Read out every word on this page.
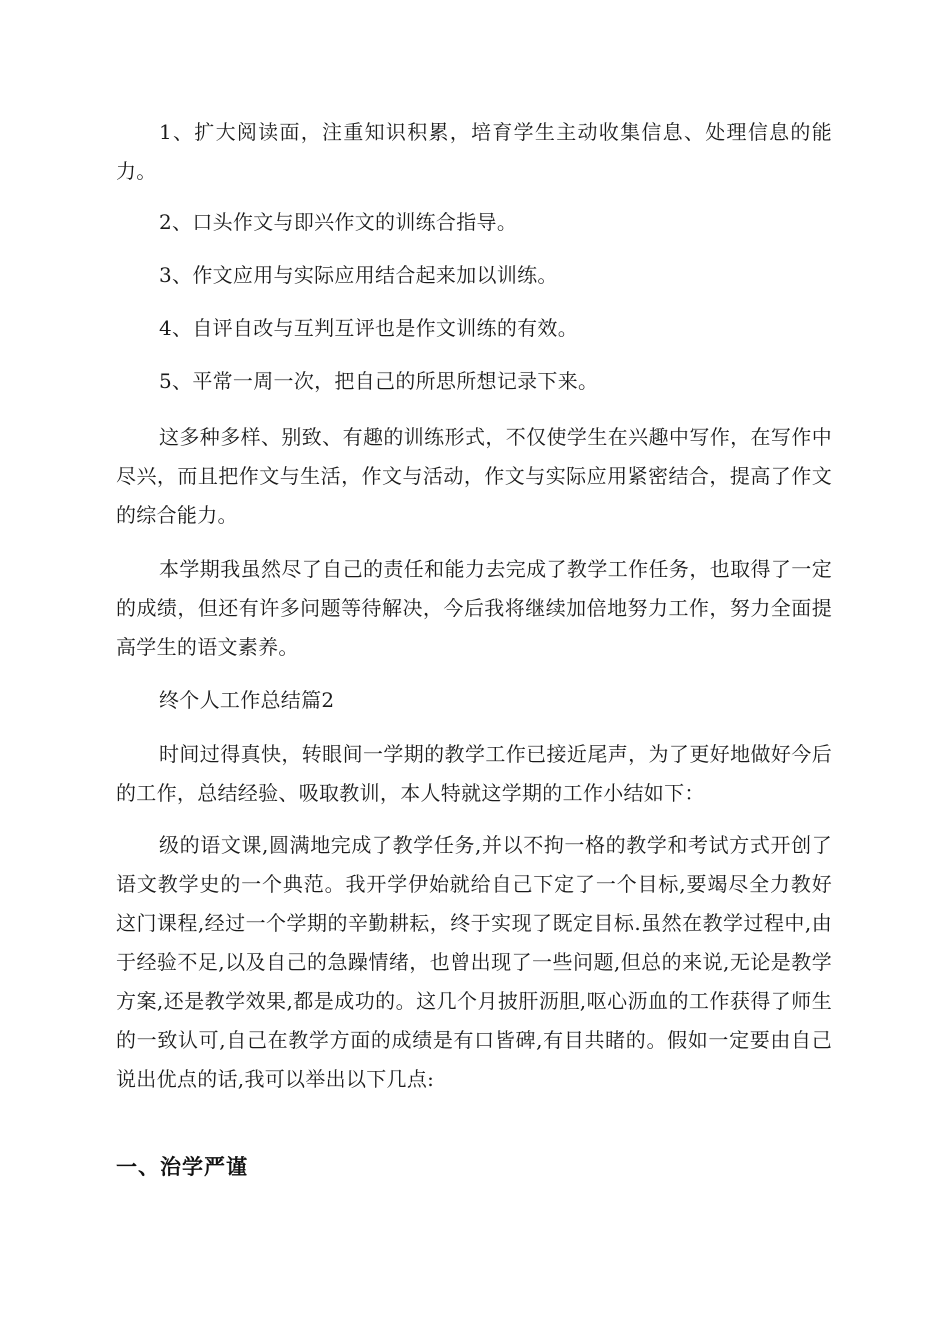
1、扩大阅读面，注重知识积累，培育学生主动收集信息、处理信息的能力。

2、口头作文与即兴作文的训练合指导。

3、作文应用与实际应用结合起来加以训练。

4、自评自改与互判互评也是作文训练的有效。

5、平常一周一次，把自己的所思所想记录下来。

这多种多样、别致、有趣的训练形式，不仅使学生在兴趣中写作，在写作中尽兴，而且把作文与生活，作文与活动，作文与实际应用紧密结合，提高了作文的综合能力。

本学期我虽然尽了自己的责任和能力去完成了教学工作任务，也取得了一定的成绩，但还有许多问题等待解决，今后我将继续加倍地努力工作，努力全面提高学生的语文素养。

终个人工作总结篇2

时间过得真快，转眼间一学期的教学工作已接近尾声，为了更好地做好今后的工作，总结经验、吸取教训，本人特就这学期的工作小结如下：

级的语文课,圆满地完成了教学任务,并以不拘一格的教学和考试方式开创了语文教学史的一个典范。我开学伊始就给自己下定了一个目标,要竭尽全力教好这门课程,经过一个学期的辛勤耕耘，终于实现了既定目标.虽然在教学过程中,由于经验不足,以及自己的急躁情绪，也曾出现了一些问题,但总的来说,无论是教学方案,还是教学效果,都是成功的。这几个月披肝沥胆,呕心沥血的工作获得了师生的一致认可,自己在教学方面的成绩是有口皆碑,有目共睹的。假如一定要由自己说出优点的话,我可以举出以下几点:

一、治学严谨
